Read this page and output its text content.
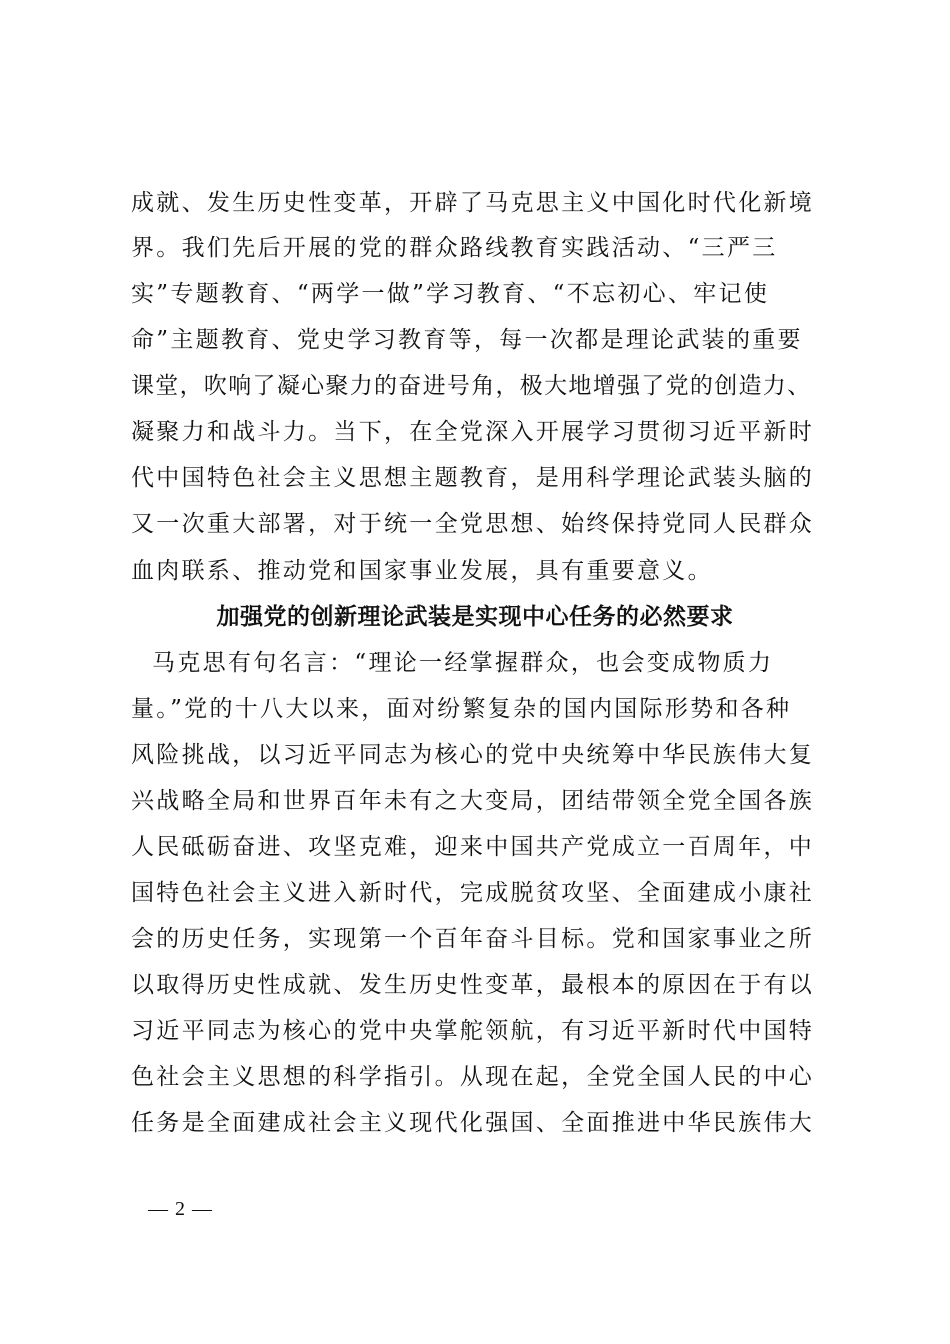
成就、发生历史性变革，开辟了马克思主义中国化时代化新境
界。我们先后开展的党的群众路线教育实践活动、“三严三
实”专题教育、“两学一做”学习教育、“不忘初心、牢记使
命”主题教育、党史学习教育等，每一次都是理论武装的重要
课堂，吹响了凝心聚力的奋进号角，极大地增强了党的创造力、
凝聚力和战斗力。当下，在全党深入开展学习贯彻习近平新时
代中国特色社会主义思想主题教育，是用科学理论武装头脑的
又一次重大部署，对于统一全党思想、始终保持党同人民群众
血肉联系、推动党和国家事业发展，具有重要意义。
加强党的创新理论武装是实现中心任务的必然要求
马克思有句名言：“理论一经掌握群众，也会变成物质力
量。”党的十八大以来，面对纷繁复杂的国内国际形势和各种
风险挑战，以习近平同志为核心的党中央统筹中华民族伟大复
兴战略全局和世界百年未有之大变局，团结带领全党全国各族
人民砥砺奋进、攻坚克难，迎来中国共产党成立一百周年，中
国特色社会主义进入新时代，完成脱贫攻坚、全面建成小康社
会的历史任务，实现第一个百年奋斗目标。党和国家事业之所
以取得历史性成就、发生历史性变革，最根本的原因在于有以
习近平同志为核心的党中央掌舵领航，有习近平新时代中国特
色社会主义思想的科学指引。从现在起，全党全国人民的中心
任务是全面建成社会主义现代化强国、全面推进中华民族伟大
— 2 —
